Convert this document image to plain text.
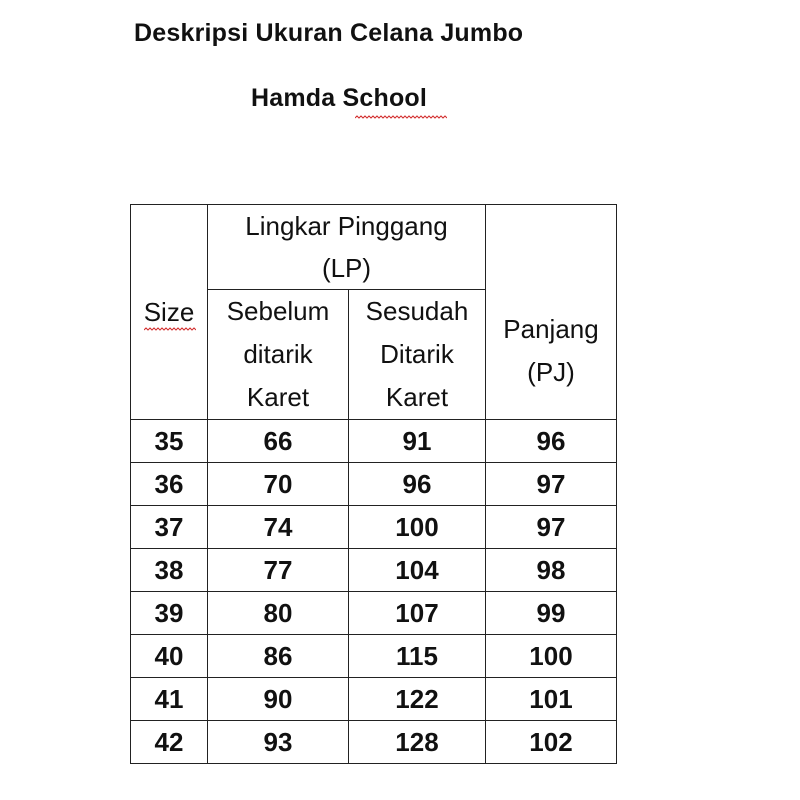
Deskripsi Ukuran Celana Jumbo
Hamda School
Size	Lingkar Pinggang (LP)		Panjang (PJ)

	Sebelum ditarik Karet	Sesudah Ditarik Karet	

35	66	91	96
36	70	96	97
37	74	100	97
38	77	104	98
39	80	107	99
40	86	115	100
41	90	122	101
42	93	128	102
